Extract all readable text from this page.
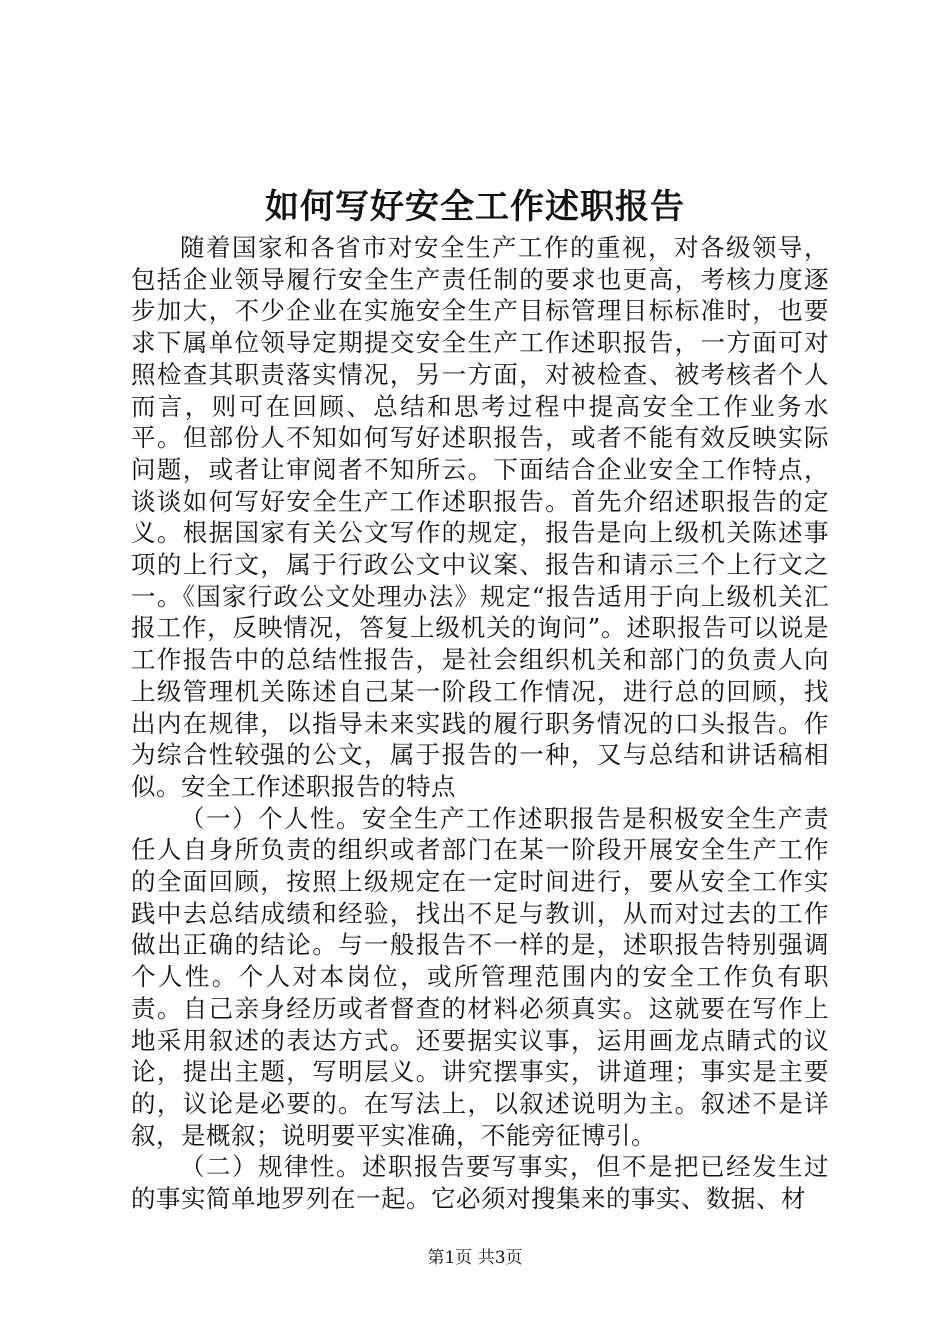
如何写好安全工作述职报告

随着国家和各省市对安全生产工作的重视，对各级领导，包括企业领导履行安全生产责任制的要求也更高，考核力度逐步加大，不少企业在实施安全生产目标管理目标标准时，也要求下属单位领导定期提交安全生产工作述职报告，一方面可对照检查其职责落实情况，另一方面，对被检查、被考核者个人而言，则可在回顾、总结和思考过程中提高安全工作业务水平。但部份人不知如何写好述职报告，或者不能有效反映实际问题，或者让审阅者不知所云。下面结合企业安全工作特点，谈谈如何写好安全生产工作述职报告。首先介绍述职报告的定义。根据国家有关公文写作的规定，报告是向上级机关陈述事项的上行文，属于行政公文中议案、报告和请示三个上行文之一。《国家行政公文处理办法》规定“报告适用于向上级机关汇报工作，反映情况，答复上级机关的询问”。述职报告可以说是工作报告中的总结性报告，是社会组织机关和部门的负责人向上级管理机关陈述自己某一阶段工作情况，进行总的回顾，找出内在规律，以指导未来实践的履行职务情况的口头报告。作为综合性较强的公文，属于报告的一种，又与总结和讲话稿相似。安全工作述职报告的特点

（一）个人性。安全生产工作述职报告是积极安全生产责任人自身所负责的组织或者部门在某一阶段开展安全生产工作的全面回顾，按照上级规定在一定时间进行，要从安全工作实践中去总结成绩和经验，找出不足与教训，从而对过去的工作做出正确的结论。与一般报告不一样的是，述职报告特别强调个人性。个人对本岗位，或所管理范围内的安全工作负有职责。自己亲身经历或者督查的材料必须真实。这就要在写作上地采用叙述的表达方式。还要据实议事，运用画龙点睛式的议论，提出主题，写明层义。讲究摆事实，讲道理；事实是主要的，议论是必要的。在写法上，以叙述说明为主。叙述不是详叙，是概叙；说明要平实准确，不能旁征博引。

（二）规律性。述职报告要写事实，但不是把已经发生过的事实简单地罗列在一起。它必须对搜集来的事实、数据、材

第1页 共3页
